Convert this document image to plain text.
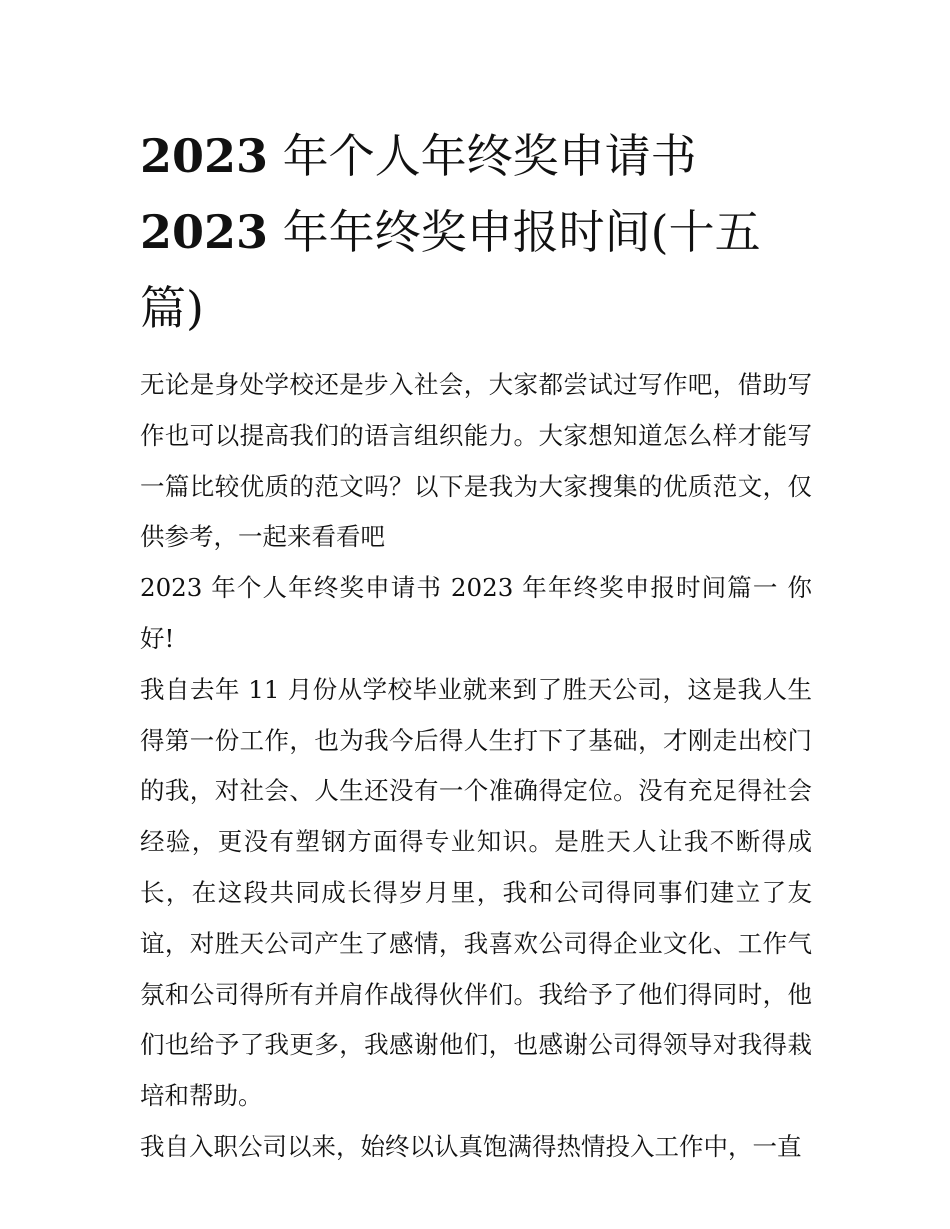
2023 年个人年终奖申请书
2023 年年终奖申报时间(十五篇)

无论是身处学校还是步入社会，大家都尝试过写作吧，借助写作也可以提高我们的语言组织能力。大家想知道怎么样才能写一篇比较优质的范文吗？以下是我为大家搜集的优质范文，仅供参考，一起来看看吧

2023 年个人年终奖申请书 2023 年年终奖申报时间篇一 你好!

我自去年 11 月份从学校毕业就来到了胜天公司，这是我人生得第一份工作，也为我今后得人生打下了基础，才刚走出校门的我，对社会、人生还没有一个准确得定位。没有充足得社会经验，更没有塑钢方面得专业知识。是胜天人让我不断得成长，在这段共同成长得岁月里，我和公司得同事们建立了友谊，对胜天公司产生了感情，我喜欢公司得企业文化、工作气氛和公司得所有并肩作战得伙伴们。我给予了他们得同时，他们也给予了我更多，我感谢他们，也感谢公司得领导对我得栽培和帮助。

我自入职公司以来，始终以认真饱满得热情投入工作中，一直
